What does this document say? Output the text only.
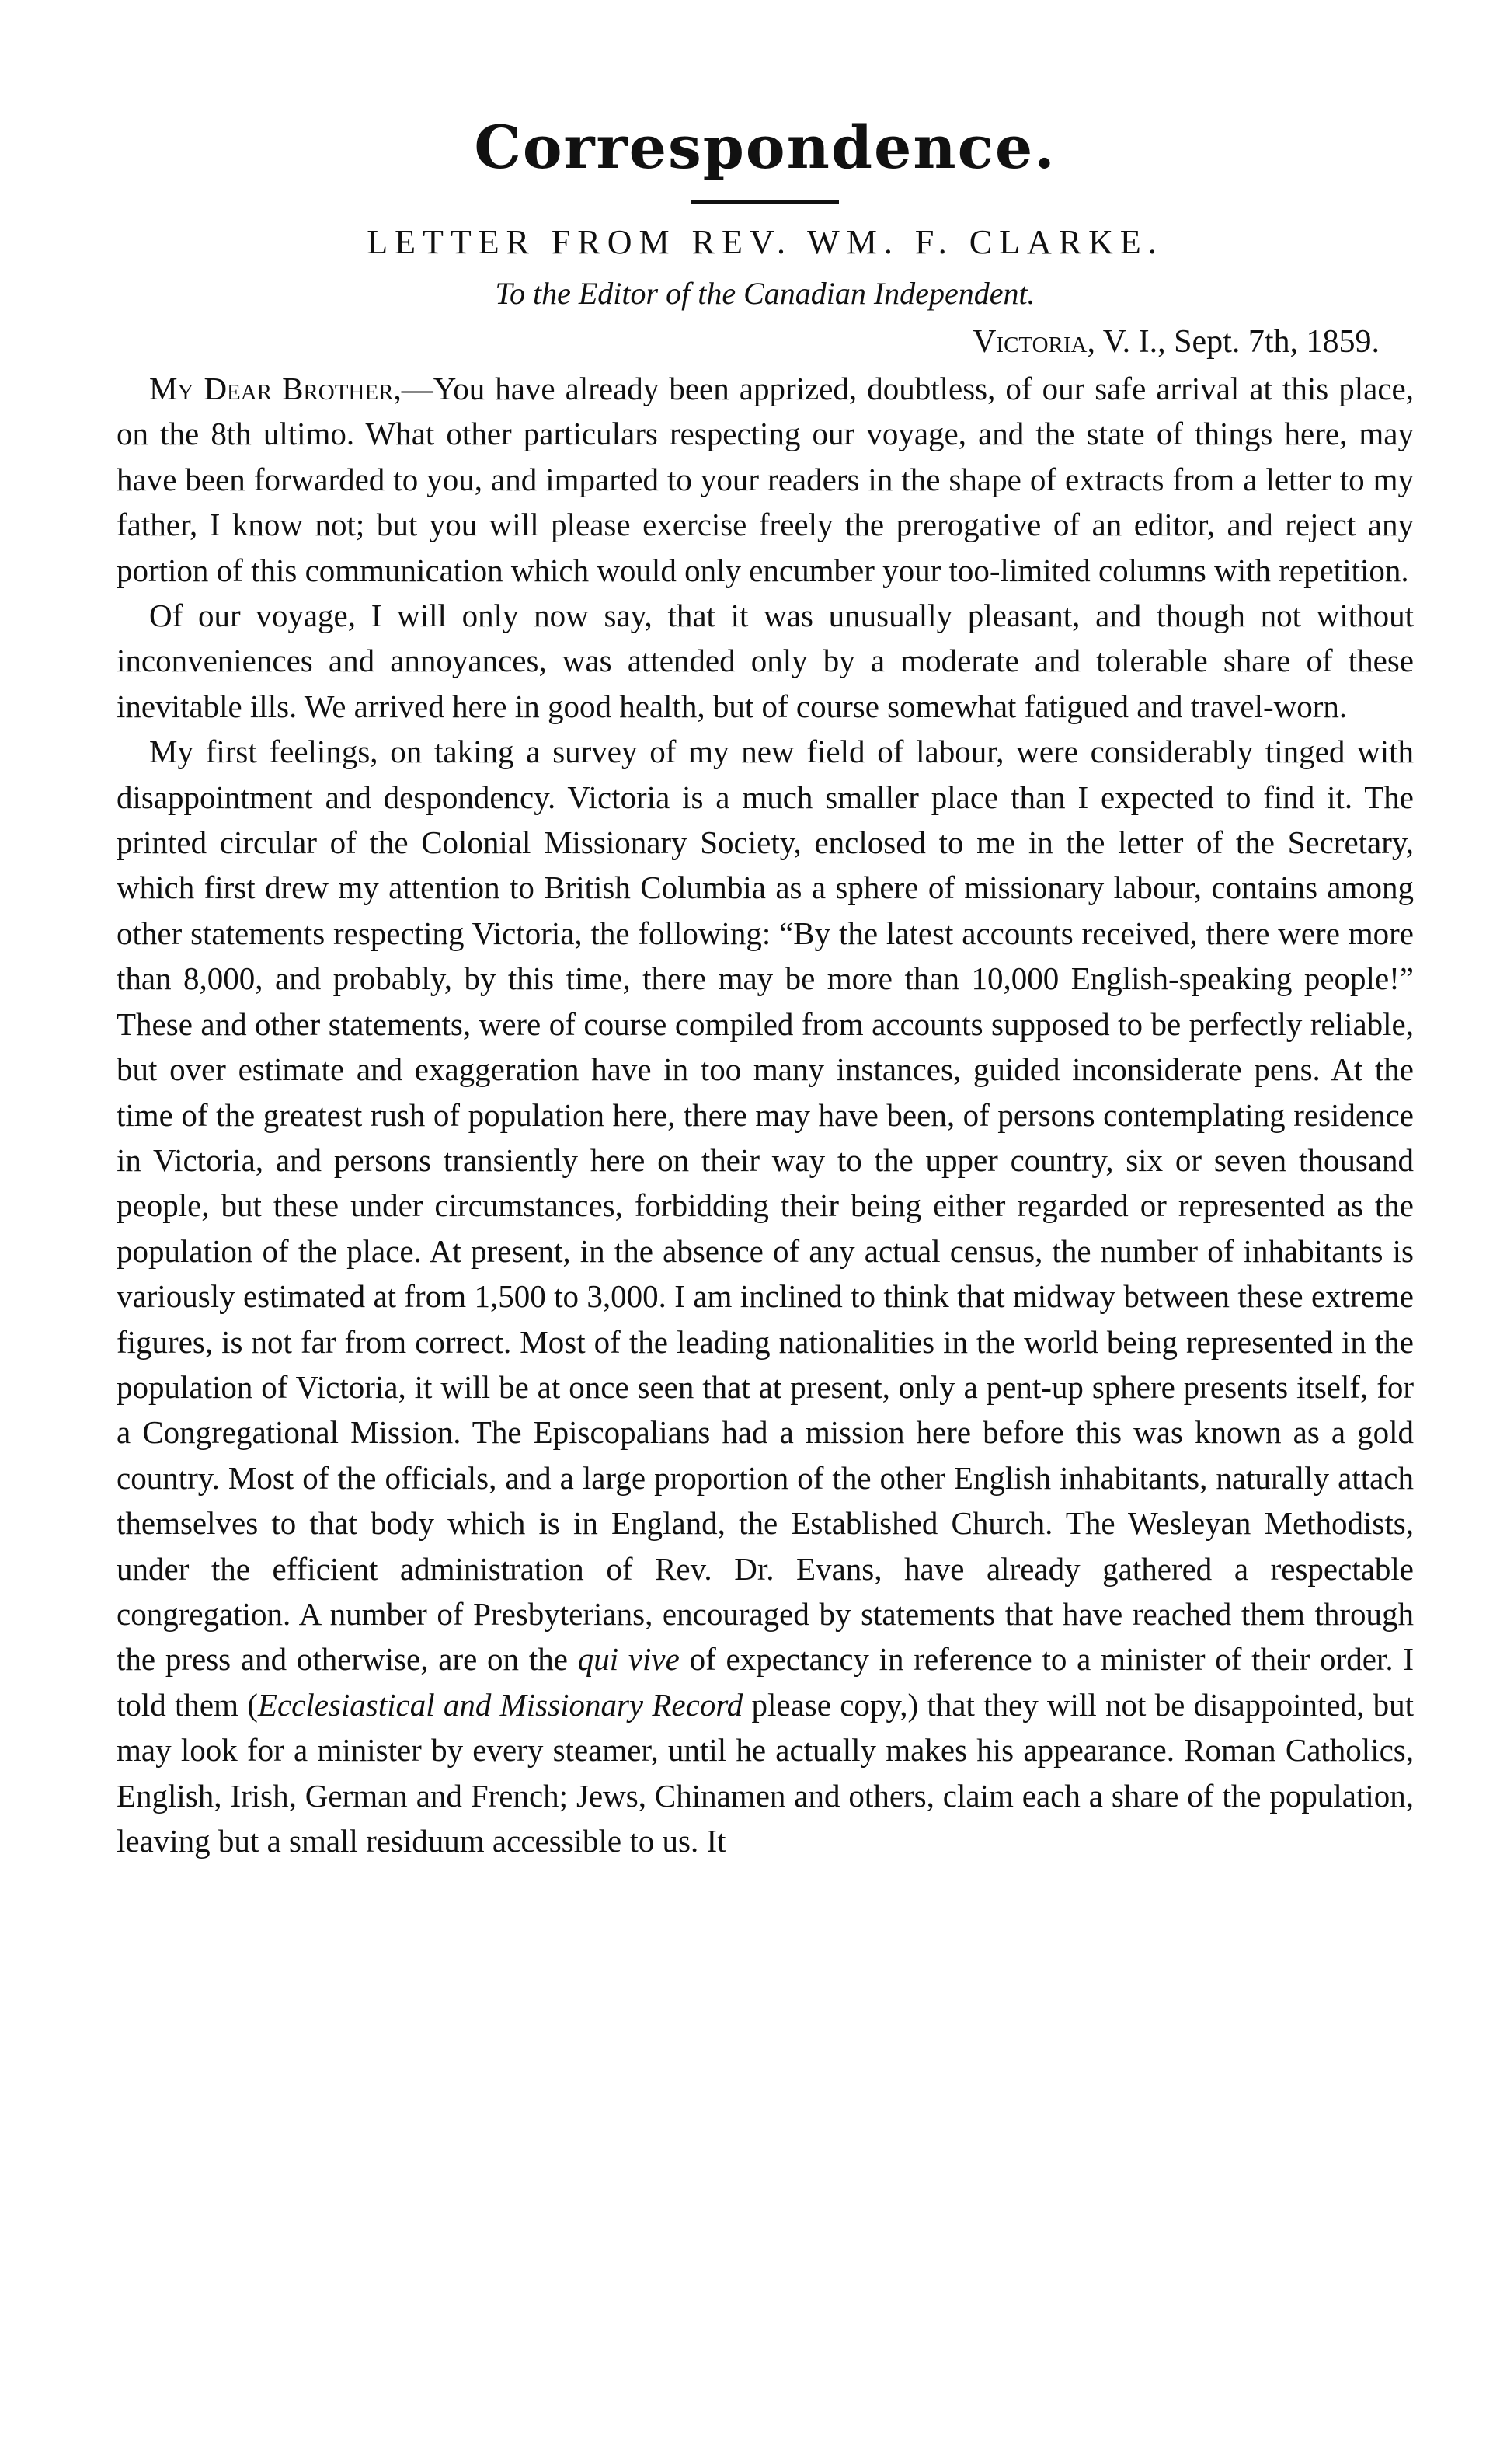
Correspondence.
LETTER FROM REV. WM. F. CLARKE.

To the Editor of the Canadian Independent.

Victoria, V. I., Sept. 7th, 1859.

My Dear Brother,—You have already been apprized, doubtless, of our safe arrival at this place, on the 8th ultimo. What other particulars respecting our voyage, and the state of things here, may have been forwarded to you, and imparted to your readers in the shape of extracts from a letter to my father, I know not; but you will please exercise freely the prerogative of an editor, and reject any portion of this communication which would only encumber your too-limited columns with repetition.

Of our voyage, I will only now say, that it was unusually pleasant, and though not without inconveniences and annoyances, was attended only by a moderate and tolerable share of these inevitable ills. We arrived here in good health, but of course somewhat fatigued and travel-worn.

My first feelings, on taking a survey of my new field of labour, were considerably tinged with disappointment and despondency. Victoria is a much smaller place than I expected to find it. The printed circular of the Colonial Missionary Society, enclosed to me in the letter of the Secretary, which first drew my attention to British Columbia as a sphere of missionary labour, contains among other statements respecting Victoria, the following: “By the latest accounts received, there were more than 8,000, and probably, by this time, there may be more than 10,000 English-speaking people!” These and other statements, were of course compiled from accounts supposed to be perfectly reliable, but over estimate and exaggeration have in too many instances, guided inconsiderate pens. At the time of the greatest rush of population here, there may have been, of persons contemplating residence in Victoria, and persons transiently here on their way to the upper country, six or seven thousand people, but these under circumstances, forbidding their being either regarded or represented as the population of the place. At present, in the absence of any actual census, the number of inhabitants is variously estimated at from 1,500 to 3,000. I am inclined to think that midway between these extreme figures, is not far from correct. Most of the leading nationalities in the world being represented in the population of Victoria, it will be at once seen that at present, only a pent-up sphere presents itself, for a Congregational Mission. The Episcopalians had a mission here before this was known as a gold country. Most of the officials, and a large proportion of the other English inhabitants, naturally attach themselves to that body which is in England, the Established Church. The Wesleyan Methodists, under the efficient administration of Rev. Dr. Evans, have already gathered a respectable congregation. A number of Presbyterians, encouraged by statements that have reached them through the press and otherwise, are on the qui vive of expectancy in reference to a minister of their order. I told them (Ecclesiastical and Missionary Record please copy,) that they will not be disappointed, but may look for a minister by every steamer, until he actually makes his appearance. Roman Catholics, English, Irish, German and French; Jews, Chinamen and others, claim each a share of the population, leaving but a small residuum accessible to us. It
